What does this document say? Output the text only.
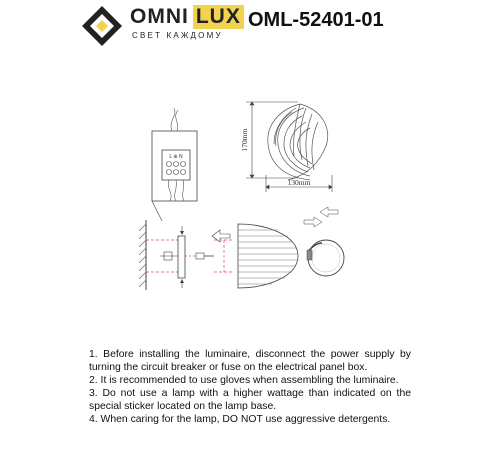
OMNI LUX
СВЕТ КАЖДОМУ
OML-52401-01
170mm
130mm
L ⊕ N

1. Before installing the luminaire, disconnect the power supply by turning the circuit breaker or fuse on the electrical panel box.

2. It is recommended to use gloves when assembling the luminaire.

3. Do not use a lamp with a higher wattage than indicated on the special sticker located on the lamp base.

4. When caring for the lamp, DO NOT use aggressive detergents.
